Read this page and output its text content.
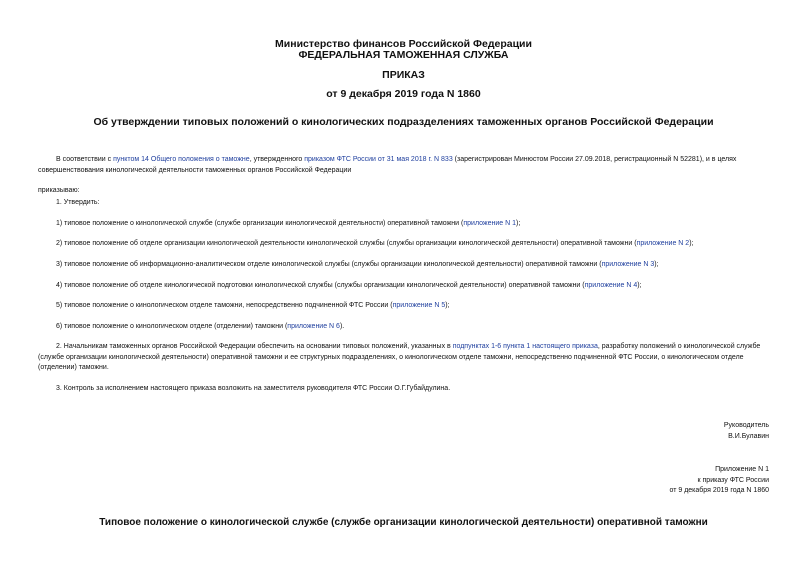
Министерство финансов Российской Федерации
ФЕДЕРАЛЬНАЯ ТАМОЖЕННАЯ СЛУЖБА
ПРИКАЗ
от 9 декабря 2019 года N 1860
Об утверждении типовых положений о кинологических подразделениях таможенных органов Российской Федерации
В соответствии с пунктом 14 Общего положения о таможне, утвержденного приказом ФТС России от 31 мая 2018 г. N 833 (зарегистрирован Минюстом России 27.09.2018, регистрационный N 52281), и в целях совершенствования кинологической деятельности таможенных органов Российской Федерации
приказываю:
1. Утвердить:
1) типовое положение о кинологической службе (службе организации кинологической деятельности) оперативной таможни (приложение N 1);
2) типовое положение об отделе организации кинологической деятельности кинологической службы (службы организации кинологической деятельности) оперативной таможни (приложение N 2);
3) типовое положение об информационно-аналитическом отделе кинологической службы (службы организации кинологической деятельности) оперативной таможни (приложение N 3);
4) типовое положение об отделе кинологической подготовки кинологической службы (службы организации кинологической деятельности) оперативной таможни (приложение N 4);
5) типовое положение о кинологическом отделе таможни, непосредственно подчиненной ФТС России (приложение N 5);
6) типовое положение о кинологическом отделе (отделении) таможни (приложение N 6).
2. Начальникам таможенных органов Российской Федерации обеспечить на основании типовых положений, указанных в подпунктах 1-6 пункта 1 настоящего приказа, разработку положений о кинологической службе (службе организации кинологической деятельности) оперативной таможни и ее структурных подразделениях, о кинологическом отделе таможни, непосредственно подчиненной ФТС России, о кинологическом отделе (отделении) таможни.
3. Контроль за исполнением настоящего приказа возложить на заместителя руководителя ФТС России О.Г.Губайдулина.
Руководитель
В.И.Булавин
Приложение N 1
к приказу ФТС России
от 9 декабря 2019 года N 1860
Типовое положение о кинологической службе (службе организации кинологической деятельности) оперативной таможни
